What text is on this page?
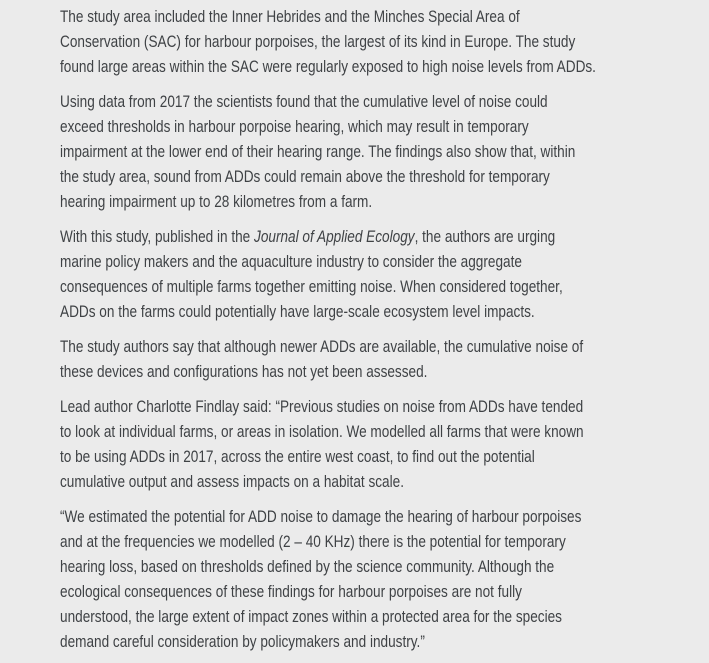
The study area included the Inner Hebrides and the Minches Special Area of
Conservation (SAC) for harbour porpoises, the largest of its kind in Europe. The study
found large areas within the SAC were regularly exposed to high noise levels from ADDs.

Using data from 2017 the scientists found that the cumulative level of noise could
exceed thresholds in harbour porpoise hearing, which may result in temporary
impairment at the lower end of their hearing range. The findings also show that, within
the study area, sound from ADDs could remain above the threshold for temporary
hearing impairment up to 28 kilometres from a farm.

With this study, published in the Journal of Applied Ecology, the authors are urging
marine policy makers and the aquaculture industry to consider the aggregate
consequences of multiple farms together emitting noise. When considered together,
ADDs on the farms could potentially have large-scale ecosystem level impacts.

The study authors say that although newer ADDs are available, the cumulative noise of
these devices and configurations has not yet been assessed.

Lead author Charlotte Findlay said: “Previous studies on noise from ADDs have tended
to look at individual farms, or areas in isolation. We modelled all farms that were known
to be using ADDs in 2017, across the entire west coast, to find out the potential
cumulative output and assess impacts on a habitat scale.

“We estimated the potential for ADD noise to damage the hearing of harbour porpoises
and at the frequencies we modelled (2 – 40 KHz) there is the potential for temporary
hearing loss, based on thresholds defined by the science community. Although the
ecological consequences of these findings for harbour porpoises are not fully
understood, the large extent of impact zones within a protected area for the species
demand careful consideration by policymakers and industry.”
